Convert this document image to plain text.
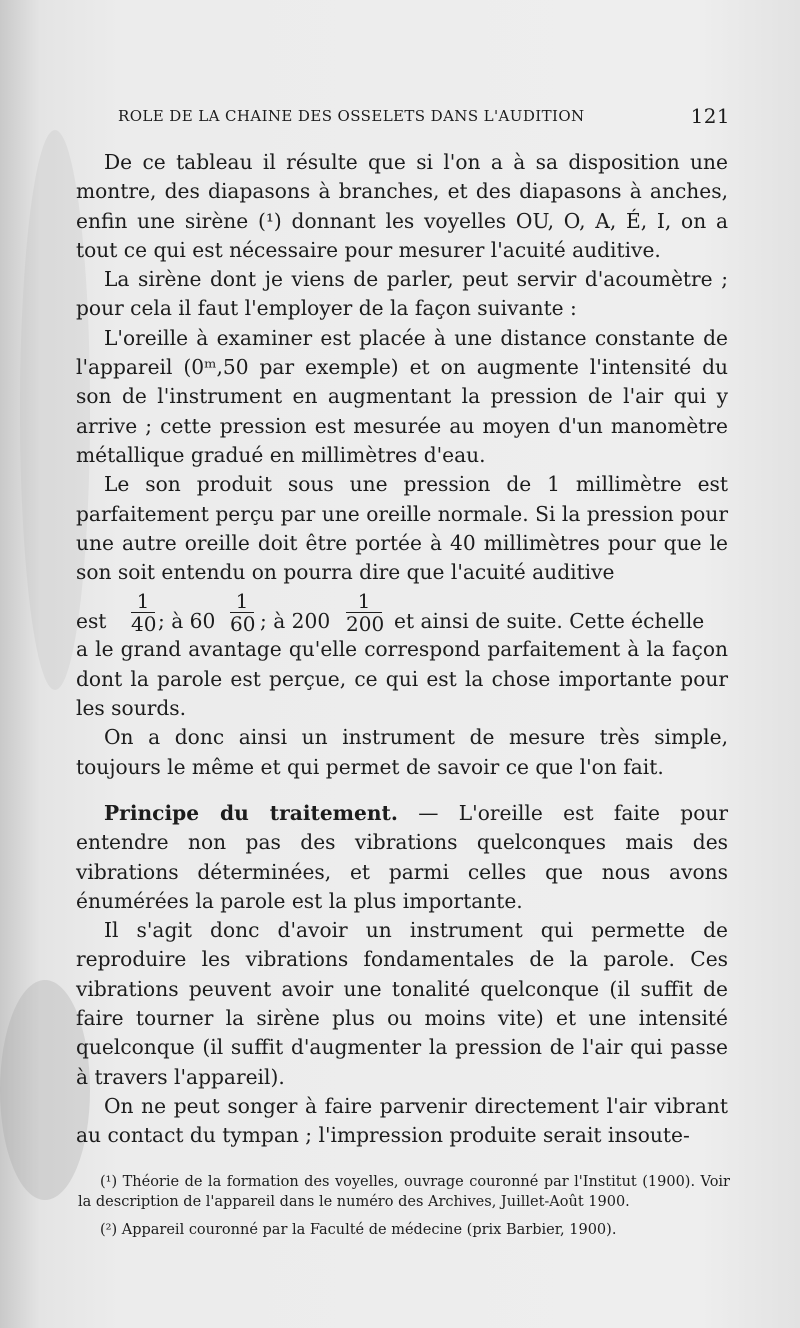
ROLE DE LA CHAINE DES OSSELETS DANS L'AUDITION	121

De ce tableau il résulte que si l'on a à sa disposition une montre, des diapasons à branches, et des diapasons à anches, enfin une sirène (¹) donnant les voyelles OU, O, A, É, I, on a tout ce qui est nécessaire pour mesurer l'acuité auditive.

La sirène dont je viens de parler, peut servir d'acoumètre ; pour cela il faut l'employer de la façon suivante :

L'oreille à examiner est placée à une distance constante de l'appareil (0ᵐ,50 par exemple) et on augmente l'intensité du son de l'instrument en augmentant la pression de l'air qui y arrive ; cette pression est mesurée au moyen d'un manomètre métallique gradué en millimètres d'eau.

Le son produit sous une pression de 1 millimètre est parfaitement perçu par une oreille normale. Si la pression pour une autre oreille doit être portée à 40 millimètres pour que le son soit entendu on pourra dire que l'acuité auditive

est $\frac{1}{40}$ ; à $60 \frac{1}{60}$ ; à $200 \frac{1}{200}$ et ainsi de suite. Cette échelle

a le grand avantage qu'elle correspond parfaitement à la façon dont la parole est perçue, ce qui est la chose importante pour les sourds.

On a donc ainsi un instrument de mesure très simple, toujours le même et qui permet de savoir ce que l'on fait.

Principe du traitement. — L'oreille est faite pour entendre non pas des vibrations quelconques mais des vibrations déterminées, et parmi celles que nous avons énumérées la parole est la plus importante.

Il s'agit donc d'avoir un instrument qui permette de reproduire les vibrations fondamentales de la parole. Ces vibrations peuvent avoir une tonalité quelconque (il suffit de faire tourner la sirène plus ou moins vite) et une intensité quelconque (il suffit d'augmenter la pression de l'air qui passe à travers l'appareil).

On ne peut songer à faire parvenir directement l'air vibrant au contact du tympan ; l'impression produite serait insoute-

(¹) Théorie de la formation des voyelles, ouvrage couronné par l'Institut (1900). Voir la description de l'appareil dans le numéro des Archives, Juillet-Août 1900.

(²) Appareil couronné par la Faculté de médecine (prix Barbier, 1900).
